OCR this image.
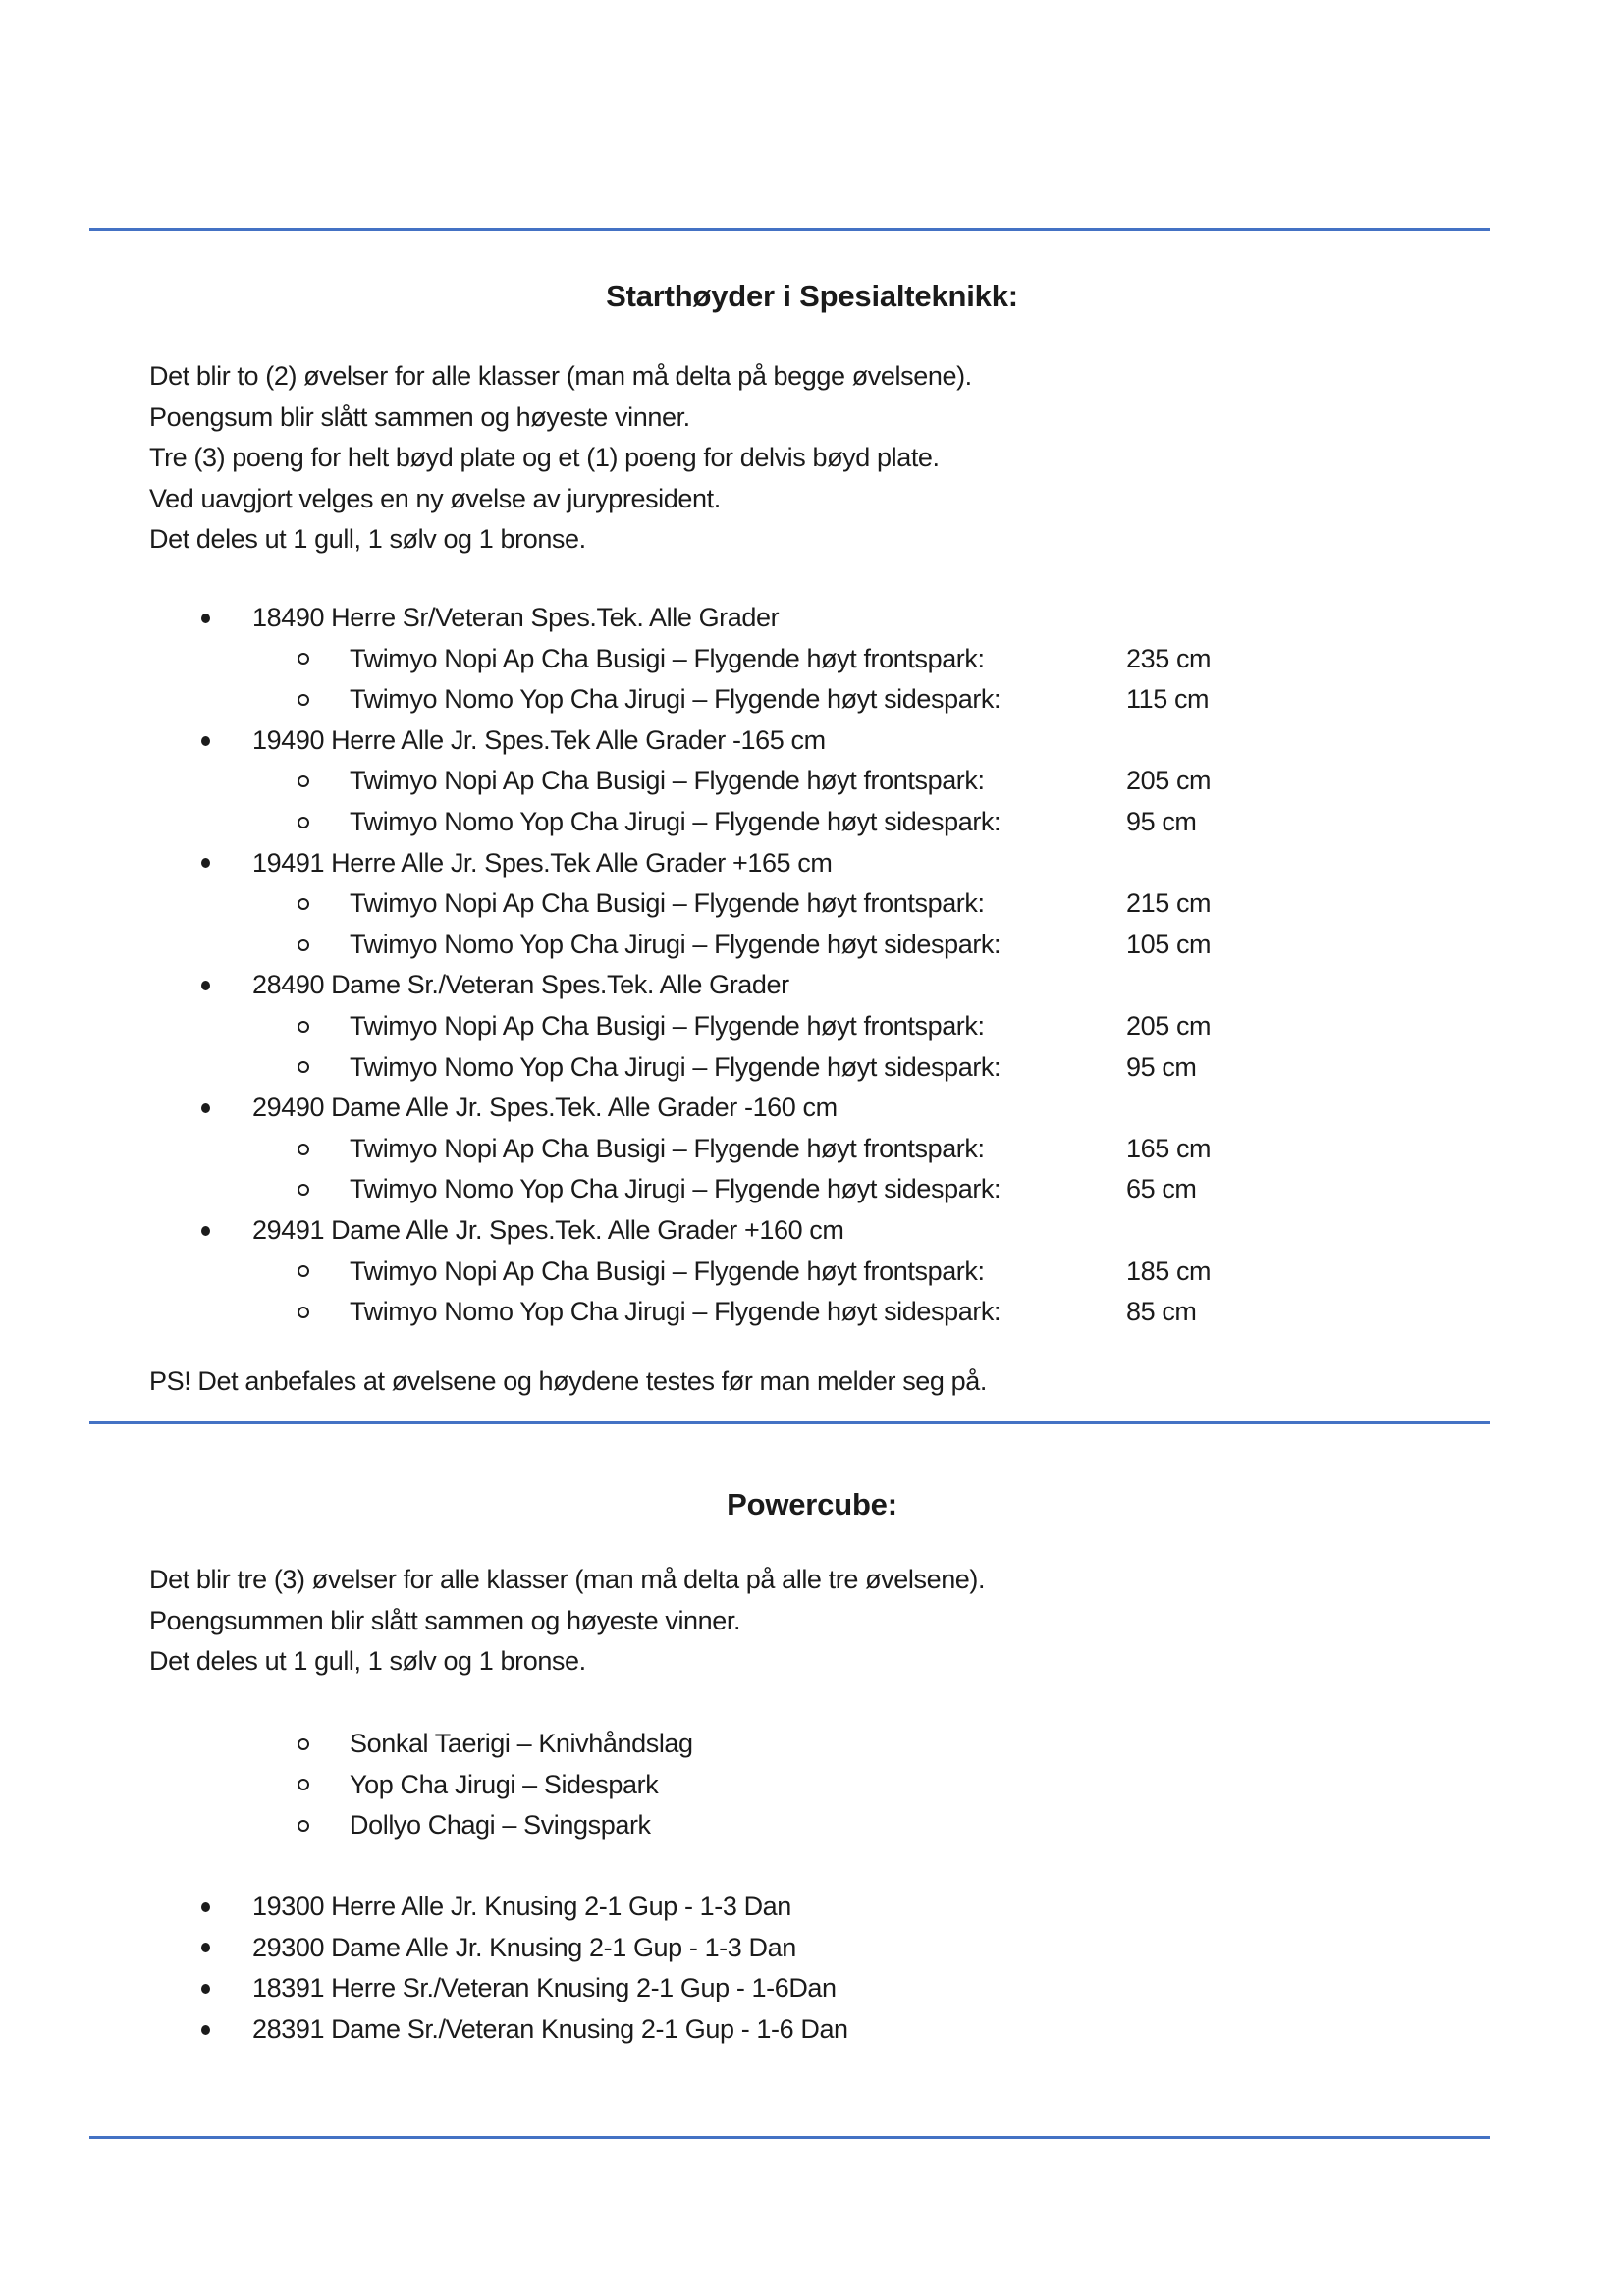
Starthøyder i Spesialteknikk:
Det blir to (2) øvelser for alle klasser (man må delta på begge øvelsene).
Poengsum blir slått sammen og høyeste vinner.
Tre (3) poeng for helt bøyd plate og et (1) poeng for delvis bøyd plate.
Ved uavgjort velges en ny øvelse av jurypresident.
Det deles ut 1 gull, 1 sølv og 1 bronse.
18490 Herre Sr/Veteran Spes.Tek. Alle Grader
Twimyo Nopi Ap Cha Busigi – Flygende høyt frontspark:	235 cm
Twimyo Nomo Yop Cha Jirugi – Flygende høyt sidespark:	115 cm
19490 Herre Alle Jr. Spes.Tek Alle Grader -165 cm
Twimyo Nopi Ap Cha Busigi – Flygende høyt frontspark:	205 cm
Twimyo Nomo Yop Cha Jirugi – Flygende høyt sidespark:	95 cm
19491 Herre Alle Jr. Spes.Tek Alle Grader +165 cm
Twimyo Nopi Ap Cha Busigi – Flygende høyt frontspark:	215 cm
Twimyo Nomo Yop Cha Jirugi – Flygende høyt sidespark:	105 cm
28490 Dame Sr./Veteran Spes.Tek. Alle Grader
Twimyo Nopi Ap Cha Busigi – Flygende høyt frontspark:	205 cm
Twimyo Nomo Yop Cha Jirugi – Flygende høyt sidespark:	95 cm
29490 Dame Alle Jr. Spes.Tek. Alle Grader -160 cm
Twimyo Nopi Ap Cha Busigi – Flygende høyt frontspark:	165 cm
Twimyo Nomo Yop Cha Jirugi – Flygende høyt sidespark:	65 cm
29491 Dame Alle Jr. Spes.Tek. Alle Grader +160 cm
Twimyo Nopi Ap Cha Busigi – Flygende høyt frontspark:	185 cm
Twimyo Nomo Yop Cha Jirugi – Flygende høyt sidespark:	85 cm
PS! Det anbefales at øvelsene og høydene testes før man melder seg på.
Powercube:
Det blir tre (3) øvelser for alle klasser (man må delta på alle tre øvelsene).
Poengsummen blir slått sammen og høyeste vinner.
Det deles ut 1 gull, 1 sølv og 1 bronse.
Sonkal Taerigi – Knivhåndslag
Yop Cha Jirugi – Sidespark
Dollyo Chagi – Svingspark
19300 Herre Alle Jr. Knusing 2-1 Gup - 1-3 Dan
29300 Dame Alle Jr. Knusing 2-1 Gup - 1-3 Dan
18391 Herre Sr./Veteran Knusing 2-1 Gup - 1-6Dan
28391 Dame Sr./Veteran Knusing 2-1 Gup - 1-6 Dan
